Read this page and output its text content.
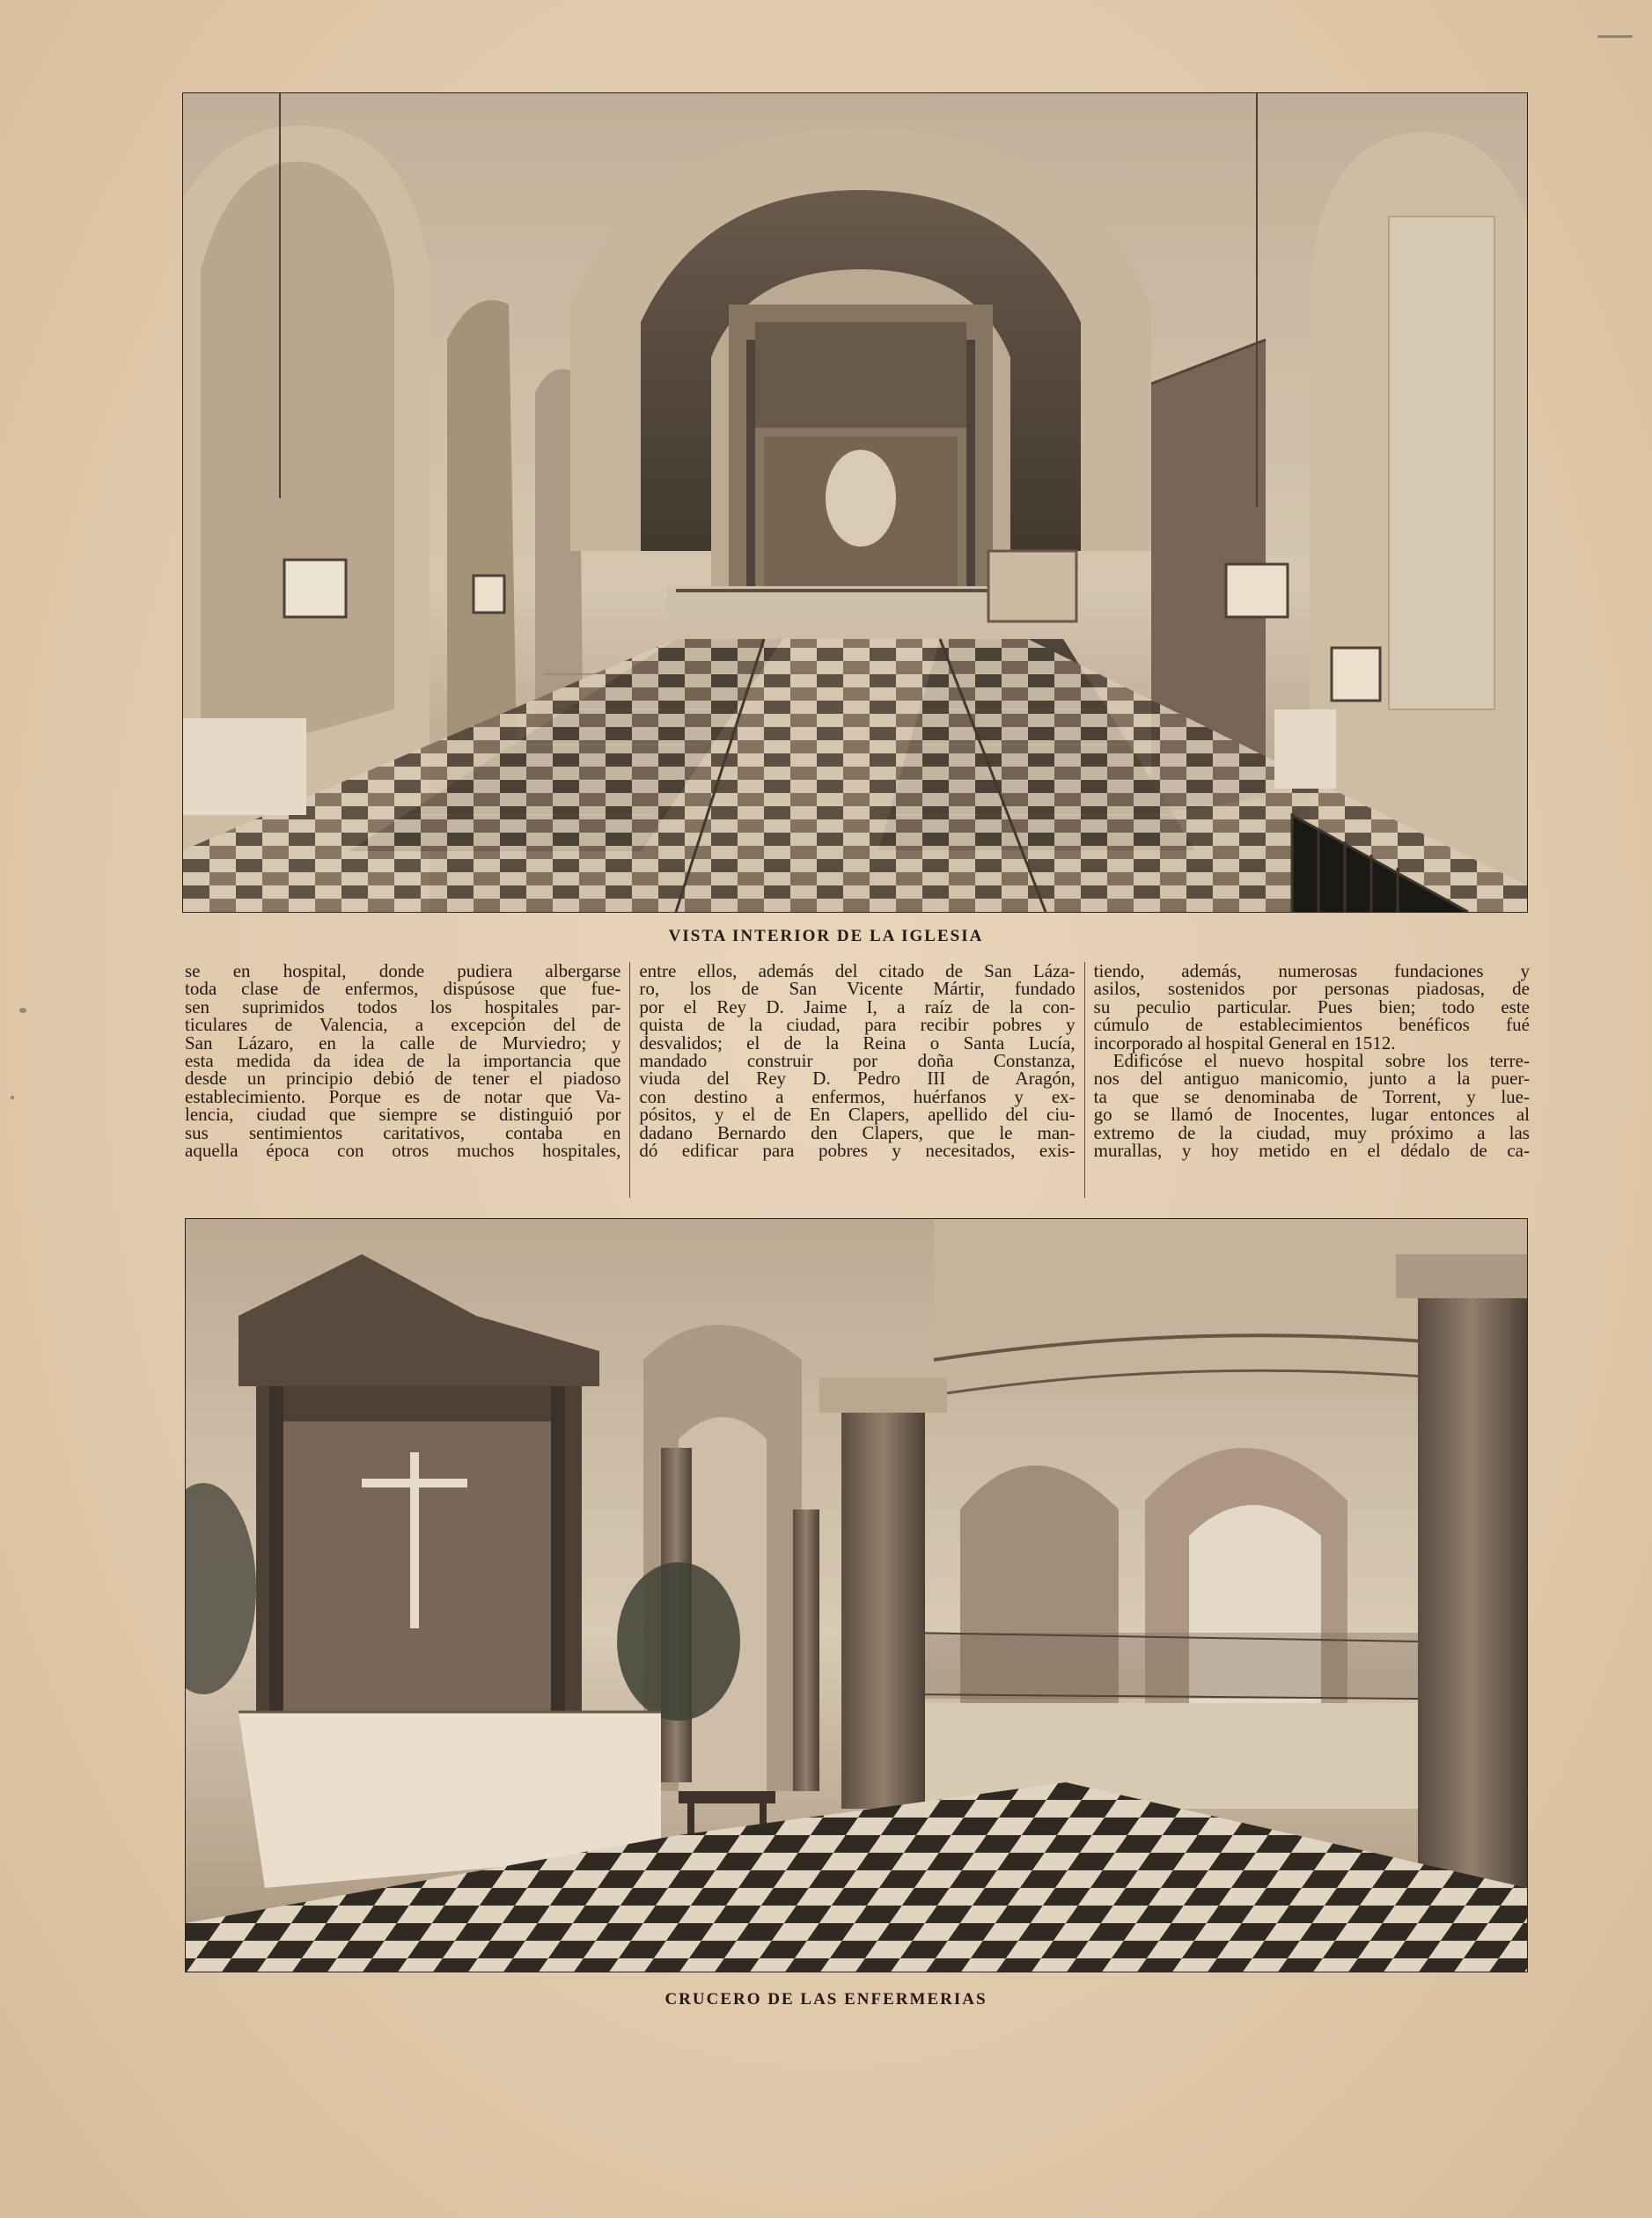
VISTA INTERIOR DE LA IGLESIA
se en hospital, donde pudiera albergarse
toda clase de enfermos, dispúsose que fue-
sen suprimidos todos los hospitales par-
ticulares de Valencia, a excepción del de
San Lázaro, en la calle de Murviedro; y
esta medida da idea de la importancia que
desde un principio debió de tener el piadoso
establecimiento. Porque es de notar que Va-
lencia, ciudad que siempre se distinguió por
sus sentimientos caritativos, contaba en
aquella época con otros muchos hospitales,
entre ellos, además del citado de San Láza-
ro, los de San Vicente Mártir, fundado
por el Rey D. Jaime I, a raíz de la con-
quista de la ciudad, para recibir pobres y
desvalidos; el de la Reina o Santa Lucía,
mandado construir por doña Constanza,
viuda del Rey D. Pedro III de Aragón,
con destino a enfermos, huérfanos y ex-
pósitos, y el de En Clapers, apellido del ciu-
dadano Bernardo den Clapers, que le man-
dó edificar para pobres y necesitados, exis-
tiendo, además, numerosas fundaciones y
asilos, sostenidos por personas piadosas, de
su peculio particular. Pues bien; todo este
cúmulo de establecimientos benéficos fué
incorporado al hospital General en 1512.
Edificóse el nuevo hospital sobre los terre-
nos del antiguo manicomio, junto a la puer-
ta que se denominaba de Torrent, y lue-
go se llamó de Inocentes, lugar entonces al
extremo de la ciudad, muy próximo a las
murallas, y hoy metido en el dédalo de ca-
CRUCERO DE LAS ENFERMERIAS
